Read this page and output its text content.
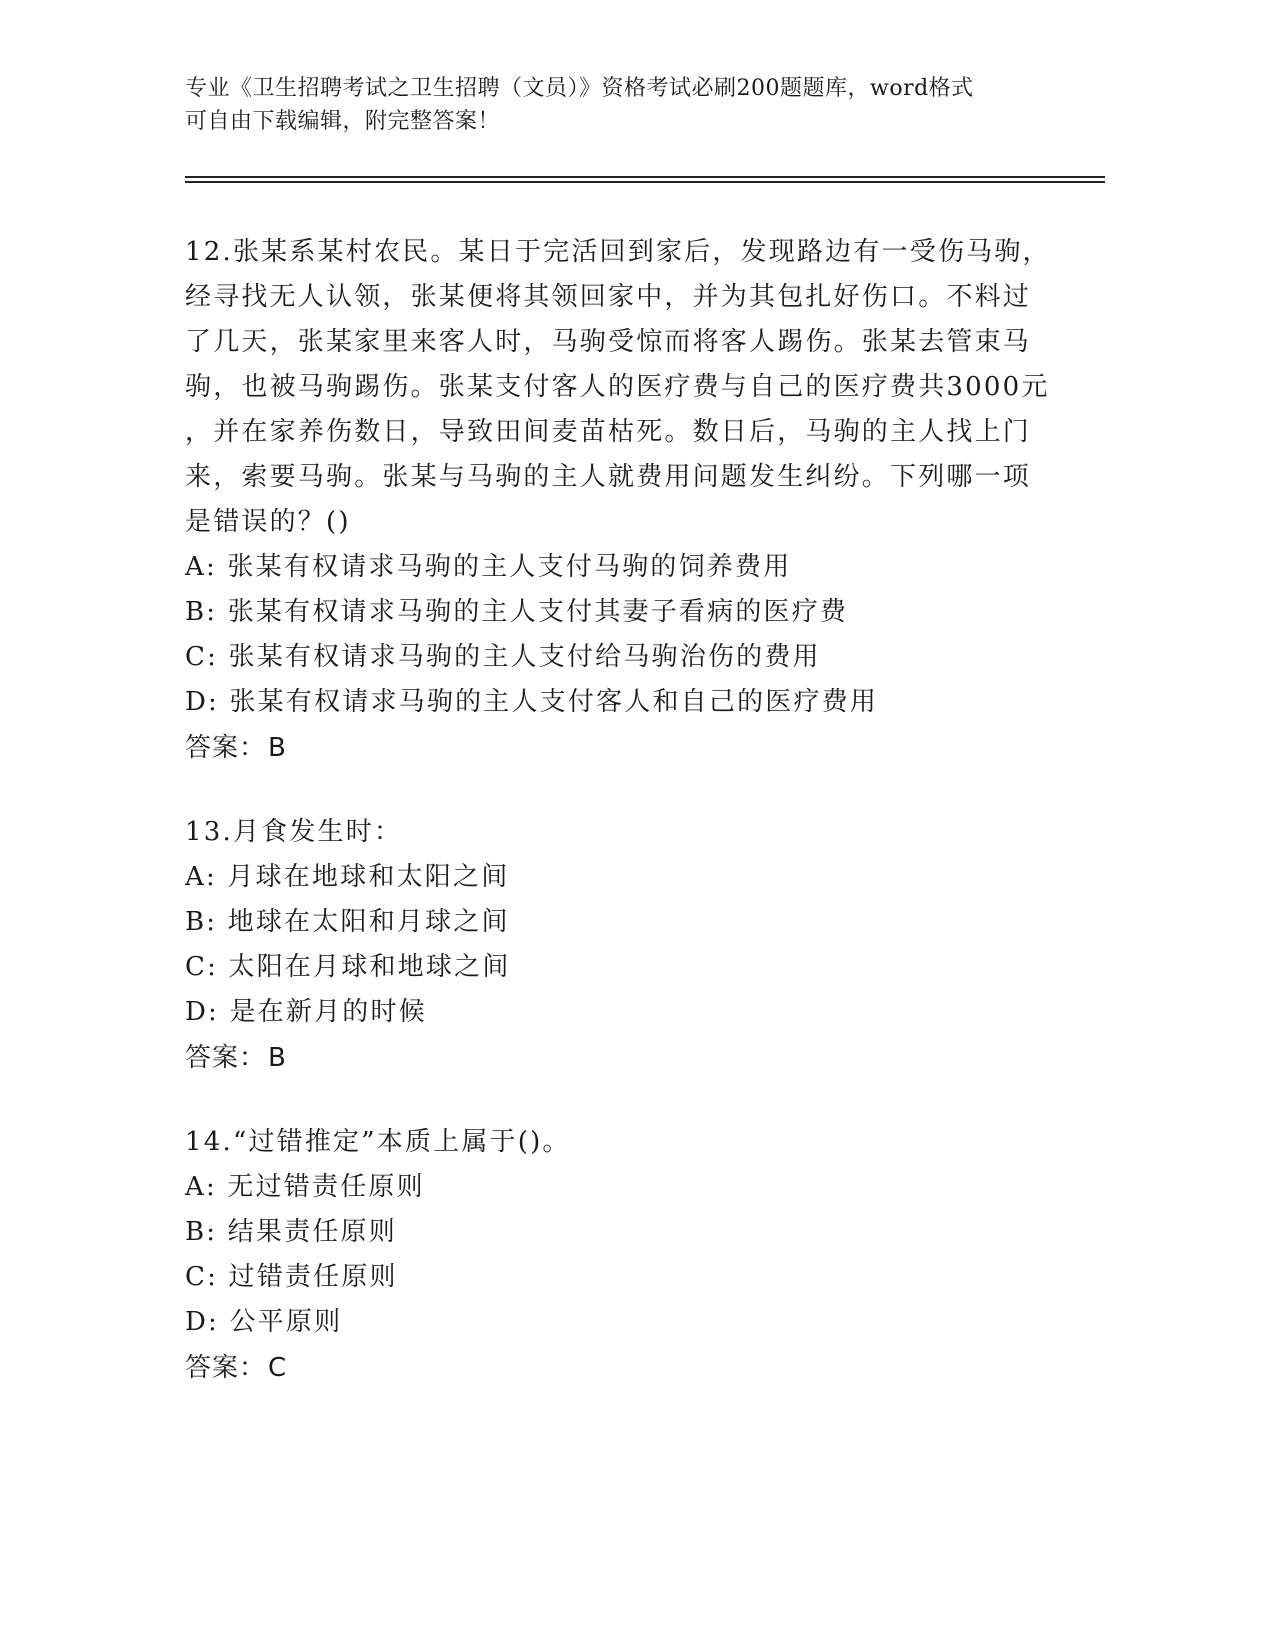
专业《卫生招聘考试之卫生招聘（文员）》资格考试必刷200题题库，word格式
可自由下载编辑，附完整答案！
12.张某系某村农民。某日于完活回到家后，发现路边有一受伤马驹，
经寻找无人认领，张某便将其领回家中，并为其包扎好伤口。不料过
了几天，张某家里来客人时，马驹受惊而将客人踢伤。张某去管束马
驹，也被马驹踢伤。张某支付客人的医疗费与自己的医疗费共3000元
，并在家养伤数日，导致田间麦苗枯死。数日后，马驹的主人找上门
来，索要马驹。张某与马驹的主人就费用问题发生纠纷。下列哪一项
是错误的？()
A: 张某有权请求马驹的主人支付马驹的饲养费用
B: 张某有权请求马驹的主人支付其妻子看病的医疗费
C: 张某有权请求马驹的主人支付给马驹治伤的费用
D: 张某有权请求马驹的主人支付客人和自己的医疗费用
答案：B
13.月食发生时：
A: 月球在地球和太阳之间
B: 地球在太阳和月球之间
C: 太阳在月球和地球之间
D: 是在新月的时候
答案：B
14.“过错推定”本质上属于()。
A: 无过错责任原则
B: 结果责任原则
C: 过错责任原则
D: 公平原则
答案：C
